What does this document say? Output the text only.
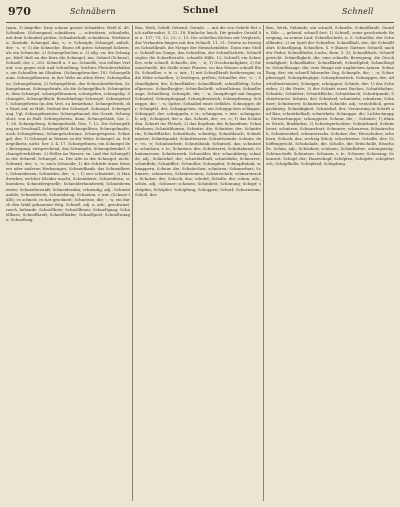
970	Schnäbern	Schnel	Schnell

(nam. 3) dasjelbe: Drey schone grosse Schnäbler. Weiß K. 48. Schnäber. (Schnegans) schnäbern. — schwätzen, schnabeln, mit dem Schnabel picken, Schnaberhaft, schnäbern. Wielhouvic, Kontakt. Schnegal, das; -s, -e. Schnepfe; Schnegel, anhelt, der; -s, -e; 1) die Schnecke. Einen oft gutes Schnegel hölzern; als ein Schnecke. 2) Schnegeleichen u. 3) allg. vn; die Schnappe. Hieß dieß an der Kurz die Schnegel, inn. Sehnel (Schnee), Schnell, der 2, 200. Schnell u. 3 nn. Schnelle, von stillem Verlauf, von gegen sich und Schnellung, leichtes Fleischverhältnis, ein Schnellen im Glauben. (Schnegelwacher, 18). Schnegelbaum. Schnegelbeeren, in der Wehr im alten Heer; Schnegelhaus, Schnegelheim; 2) Schnegelbrut, das Schneckenflecken. Schnegelmann, Schnegelstufe, als die Schnegelfisch. Schnegelzeit; dem Schnegel, schnegelbrunnen, schnegelen, schnegelig. Schnegele, Schnegelfisch, fleischfarbige Schnegel. Schnegelsaft. Schnegelwein (in den Verl. zu bemerken). Schnegelwerk, die Ware auf, in Haft, Verlauf der Schnegel. Schnegel, Schnegelaug. Vgl. Schnegelmeister, Schnegelmond, der Gezeit. Schnegelort, von in Haft. Schnegelstein, dann, Schnegelstab, Ser. 2. 1, 58. Schnegelweg, Schnegelwald, Gen. 7, 12. Die Schnegelburg im Geschnall, Schnegelfeld, Schnegelfrau; Schnegelmaße; auch Schnegelmus; Schnegelschwanz; Schnegelspeise. Schnegel, der; 1) Schnegel in Wasser, in der Wehr, Schnegel, m. Schnegelkreis, nicht. Ser. 3. 4. 17. Schnegelturm; ein Schnegel der Bewegung, entsprechend, das Schnegeln; Schnegelwinkel, Schnegelverhältnis. 2) Heller im Wasser, vn. (auf der Schnegel) in der Schneid, Schnegel, m. Der Alte in der Schnegel, nicht. Schneid, der; -s, -e; auch Schneide; 1) die Schärfe eines Messers oder anderen Werkzeuges; Schneidbank; das Schneidbrett; Schneideisen; Schneider, der; -s, -; 1) wer schneidet; 2) Handwerker, welcher Kleider macht, Schneiderei, Schneiderin; schneidern; Schneidergeselle; Schneiderhandwerk; Schneidermeister; Schneiderzunft; Schneidezahn; schneidig, adj.; Schneidmühle; Schneidwerk; Schneidzeug. Schneien, v. intr. (Schnee fällt); es schneit; es hat geschneit; Schneisse, die; -, -n; ein durch den Wald gehauener Weg. Schnell, adj. u. adv.; geschwind, rasch, behende. Schnellbote; Schnellfeuer; Schnellgang; Schnellhase; Schnellkraft; Schnellläufer; Schnellpost; Schnellwaage; Schnellzug.

Bau, Weib, Gehilf, Gebend, Gerade. — mit die von Gehele fört sich aufbewahrt, S. 12. 18; Einfache lauch. Die grinder Gutahl bei a. 137; 75, 12, 23; 2, 13. Die schiellen Eichen mit Vergleich, das Verkaufen-langen mit den Schnell. 11, 31. Gesetz zu bewegen Schnellkraft, die Menge der Menschenliebe. Dann eine Stelle, Schnell im Gange, das Schnellen, der Schnellschritt, Schnellsegler, die Schnellstraße, schnelle Hilfe, 12; Schnell; ein Schnelles, sehr schnell. Schnelle, die; -, -n; 1) Geschwindigkeit; 2) Stromschnelle, die Stelle eines Flusses, wo das Wasser schnell fließt. Schnellen, v. tr. u. intr.; 1) mit Schnellkraft fortbewegen, in die Höhe schnellen; 2) betrügen, prellen; Schneller, der; -s, -; Schnelligkeit, die; Schnellkäfer; Schnellkraft; schnelllebig; Schnellpresse; Schnellsegler; Schnellschrift; schnellstens; Schnellwaage; Schnellzug. Schnepfe, die; -, -n; Sumpfvogel mit langem Schnabel; Schnepfenjagd; Schnepfenstrich; Schnepfenzug. Schneppe, die; -, -n; Spitze, Schnabel eines Gefäßes. Schnepper, der; Schnipfel, der; Schnippchen, das; ein Schnippchen schlagen; Schnippel, der; schnippeln, v. tr.; schnippen, v. intr.; schnippisch, adj.; Schnipsel, der u. das. Schnitt, der; -es, -e; 1) das Schneiden, Schnitt ins Fleisch; 2) das Ergebnis des Schneidens; Schnittbohnen; Schnittblumen; Schnitte, die; Schnitter, der; Schnitterin; Schnittfläche; Schnittholz; schnittig; Schnittlauch; Schnittmuster; Schnittpunkt; Schnittwaren; Schnittwunde. Schnitz, der; -es, -e; Schnitzarbeit; Schnitzbank; Schnitzel, das; schnitzeln; schnitzen, v. tr.; Schnitzer, der; Schnitzerei; Schnitzkunst; Schnitzmesser; Schnitzwerk. Schnodder, der; schnodderig; schnöde, adj.; Schnörkel, der; schnörkelhaft; schnörkeln; Schnorrer; schnüffeln; Schnüffler; Schnuller; Schnupfen; Schnupftabak; schnuppern; Schnur, die; Schnürchen; schnüren; Schnurrbart; Schnurre; schnurren; Schnürriemen; Schnürschuh; schnurstracks. Schober, der; Schock, das; schofel; Scholle, die; schon, adv.; schön, adj.; Schoner; schonen; Schönheit; Schonung; Schopf; schöpfen; Schöpfer; Schöpfung; Schoppen; Schorf; Schornstein; Schoß, der.

Bau, Werk, Gebäude; ein schnell, Schnelle, Schnellkraft, Gerade, Eile. — gehend, schnell fort; 1) Schnell, seine geschwinde Bewegung, in seinen Lauf, Schnellschritt, u. S. Schneller, der Schnellläufer; 2) im Spiel der Schneller, Schnellball, der; die Schnellfahrt, Schnellgang. Schnellen, S. 9 (Bauer, Gärtner, Schnell, nach der Feder, Schnellfeder, Lachs, Rem. 3. 5); Schnellfisch, Schnellgewicht. Schnelligkeit, die; eine schnelle Bewegung, die Geschwindigkeit; Schnellkäfer; Schnellkraft; Schnellpfeil; Schnellsegler. Schnellwaage, die; eine Waage mit ungleichen Armen. Schnellzug, der; ein schnell fahrender Zug. Schnepfe, die; -, -n; Schnepfenvogel, Schnepfenjäger, Schnepfenstrich. Schnepper, der; Aderlaßinstrument; Schnippe; schnippen. Schnitt, der; 1) das Schneiden; 2) die Ernte; 3) der Schnitt eines Buches; Schnittbohne; Schnitte; Schnitter; Schnittfläche; Schnittlauch; Schnittpunkt; Schnittwaren. Schnitz, der; Schnitzel; schnitzeln; schnitzen; Schnitzer; Schnitzerei; Schnitzwerk. Schnöde, adj.; verächtlich, geringschätzig; Schnödigkeit. Schnörkel, der; Verzierung in Schrift und Bau; schnörkelhaft; schnörkeln. Schnuppe, die; Lichtschnuppe, Sternschnuppe; schnuppern. Schnur, die; -, Schnüre; 1) dünner Strick, Bindfaden; 2) Schwiegertochter; Schnürband; Schnürbrust; schnüren; Schnurrbart; Schnurre; schnurren; Schnürschuh; Schnürsenkel; schnurstracks. Schober, der; Heuschober; schobern. Schock, das; sechzig Stück; schockweise. Schöffe, der; Schöffengericht. Schokolade, die. Scholle, die; Erdscholle, Eisscholle. Schön, adj.; Schönheit; schönen; Schönfärber; schöngeistig; Schönschrift; Schöntuer. Schonen, v. tr.; Schoner; Schonung; Schonzeit. Schopf, der; Haarschopf. Schöpfen; Schöpfer; schöpferisch; Schöpfkelle; Schöpfrad; Schöpfung.
